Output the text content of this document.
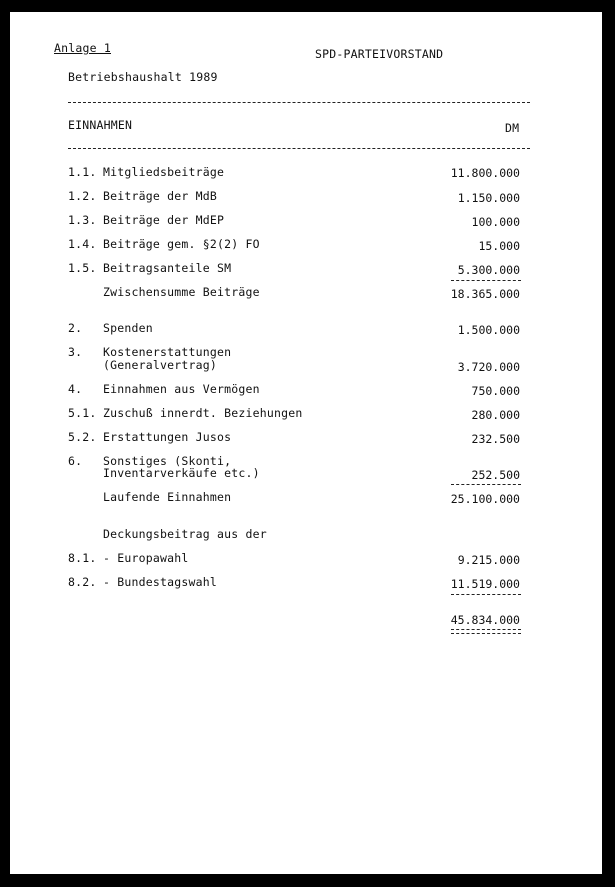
Anlage 1	SPD-PARTEIVORSTAND
Betriebshaushalt 1989
EINNAHMEN	DM
1.1. Mitgliedsbeiträge	11.800.000
1.2. Beiträge der MdB	1.150.000
1.3. Beiträge der MdEP	100.000
1.4. Beiträge gem. §2(2) FO	15.000
1.5. Beitragsanteile SM	5.300.000
Zwischensumme Beiträge	18.365.000
2. Spenden	1.500.000
3. Kostenerstattungen
(Generalvertrag)	3.720.000
4. Einnahmen aus Vermögen	750.000
5.1. Zuschuß innerdt. Beziehungen	280.000
5.2. Erstattungen Jusos	232.500
6. Sonstiges (Skonti,
Inventarverkäufe etc.)	252.500
Laufende Einnahmen	25.100.000
Deckungsbeitrag aus der
8.1. - Europawahl	9.215.000
8.2. - Bundestagswahl	11.519.000
45.834.000
